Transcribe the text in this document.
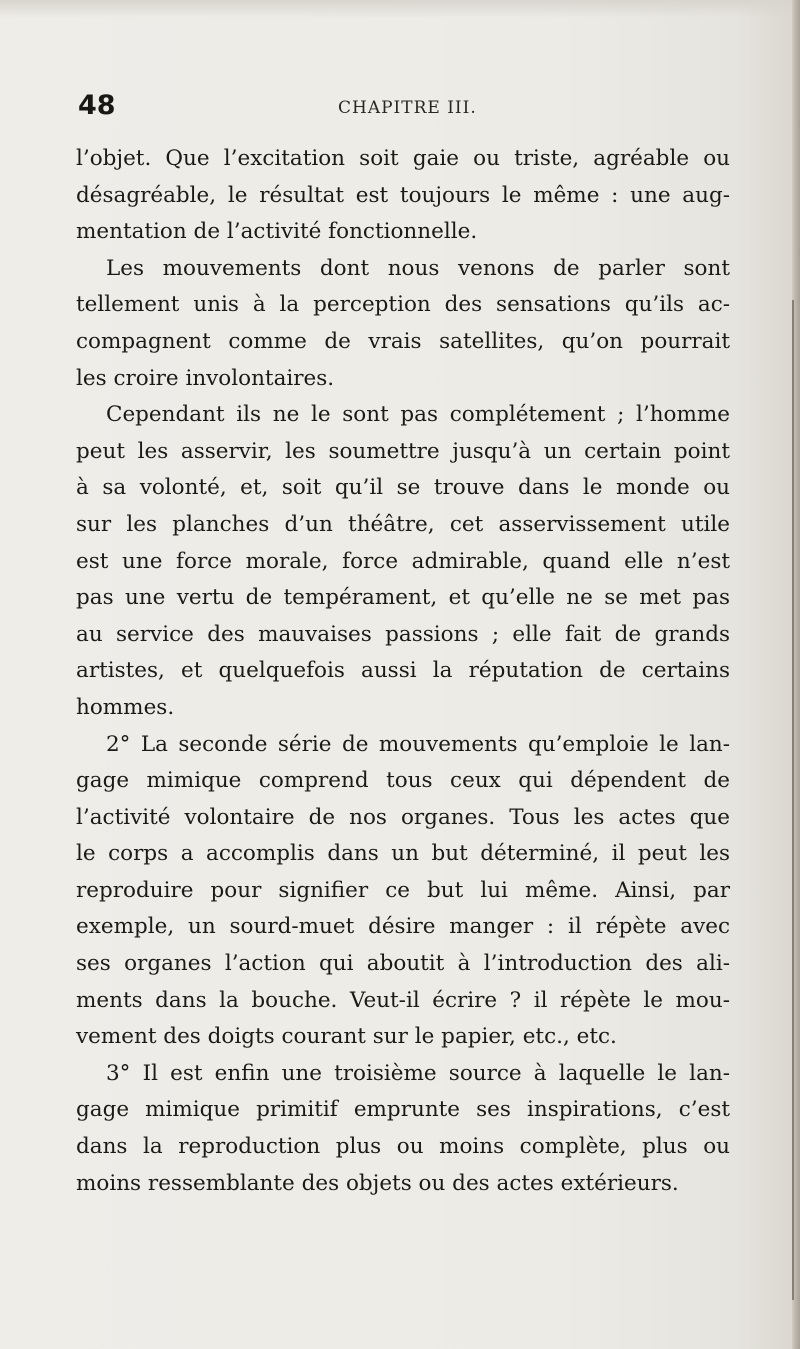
48	CHAPITRE III.

l’objet. Que l’excitation soit gaie ou triste, agréable ou
désagréable, le résultat est toujours le même : une aug-
mentation de l’activité fonctionnelle.

Les mouvements dont nous venons de parler sont
tellement unis à la perception des sensations qu’ils ac-
compagnent comme de vrais satellites, qu’on pourrait
les croire involontaires.

Cependant ils ne le sont pas complétement ; l’homme
peut les asservir, les soumettre jusqu’à un certain point
à sa volonté, et, soit qu’il se trouve dans le monde ou
sur les planches d’un théâtre, cet asservissement utile
est une force morale, force admirable, quand elle n’est
pas une vertu de tempérament, et qu’elle ne se met pas
au service des mauvaises passions ; elle fait de grands
artistes, et quelquefois aussi la réputation de certains
hommes.

2° La seconde série de mouvements qu’emploie le lan-
gage mimique comprend tous ceux qui dépendent de
l’activité volontaire de nos organes. Tous les actes que
le corps a accomplis dans un but déterminé, il peut les
reproduire pour signifier ce but lui même. Ainsi, par
exemple, un sourd-muet désire manger : il répète avec
ses organes l’action qui aboutit à l’introduction des ali-
ments dans la bouche. Veut-il écrire ? il répète le mou-
vement des doigts courant sur le papier, etc., etc.

3° Il est enfin une troisième source à laquelle le lan-
gage mimique primitif emprunte ses inspirations, c’est
dans la reproduction plus ou moins complète, plus ou
moins ressemblante des objets ou des actes extérieurs.
